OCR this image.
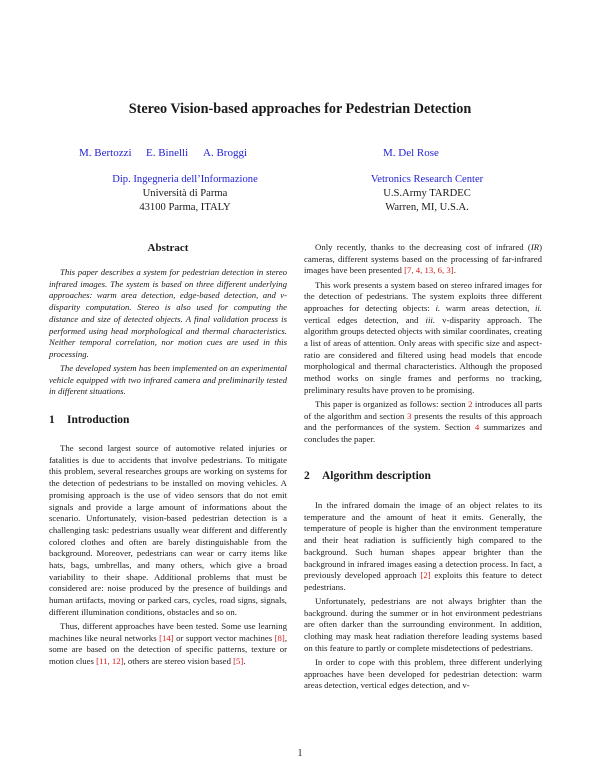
Stereo Vision-based approaches for Pedestrian Detection
M. Bertozzi E. Binelli A. Broggi	M. Del Rose
Dip. Ingegneria dell’Informazione
Università di Parma
43100 Parma, ITALY
Vetronics Research Center
U.S.Army TARDEC
Warren, MI, U.S.A.
Abstract

This paper describes a system for pedestrian detection in stereo infrared images. The system is based on three different underlying approaches: warm area detection, edge-based detection, and v-disparity computation. Stereo is also used for computing the distance and size of detected objects. A final validation process is performed using head morphological and thermal characteristics. Neither temporal correlation, nor motion cues are used in this processing.

The developed system has been implemented on an experimental vehicle equipped with two infrared camera and preliminarily tested in different situations.

1 Introduction

The second largest source of automotive related injuries or fatalities is due to accidents that involve pedestrians. To mitigate this problem, several researches groups are working on systems for the detection of pedestrians to be installed on moving vehicles. A promising approach is the use of video sensors that do not emit signals and provide a large amount of informations about the scenario. Unfortunately, vision-based pedestrian detection is a challenging task: pedestrians usually wear different and differently colored clothes and often are barely distinguishable from the background. Moreover, pedestrians can wear or carry items like hats, bags, umbrellas, and many others, which give a broad variability to their shape. Additional problems that must be considered are: noise produced by the presence of buildings and human artifacts, moving or parked cars, cycles, road signs, signals, different illumination conditions, obstacles and so on.

Thus, different approaches have been tested. Some use learning machines like neural networks [14] or support vector machines [8], some are based on the detection of specific patterns, texture or motion clues [11, 12], others are stereo vision based [5].

Only recently, thanks to the decreasing cost of infrared (IR) cameras, different systems based on the processing of far-infrared images have been presented [7, 4, 13, 6, 3].

This work presents a system based on stereo infrared images for the detection of pedestrians. The system exploits three different approaches for detecting objects: i. warm areas detection, ii. vertical edges detection, and iii. v-disparity approach. The algorithm groups detected objects with similar coordinates, creating a list of areas of attention. Only areas with specific size and aspect-ratio are considered and filtered using head models that encode morphological and thermal characteristics. Although the proposed method works on single frames and performs no tracking, preliminary results have proven to be promising.

This paper is organized as follows: section 2 introduces all parts of the algorithm and section 3 presents the results of this approach and the performances of the system. Section 4 summarizes and concludes the paper.

2 Algorithm description

In the infrared domain the image of an object relates to its temperature and the amount of heat it emits. Generally, the temperature of people is higher than the environment temperature and their heat radiation is sufficiently high compared to the background. Such human shapes appear brighter than the background in infrared images easing a detection process. In fact, a previously developed approach [2] exploits this feature to detect pedestrians.

Unfortunately, pedestrians are not always brighter than the background. during the summer or in hot environment pedestrians are often darker than the surrounding environment. In addition, clothing may mask heat radiation therefore leading systems based on this feature to partly or complete misdetections of pedestrians.

In order to cope with this problem, three different underlying approaches have been developed for pedestrian detection: warm areas detection, vertical edges detection, and v-

1
